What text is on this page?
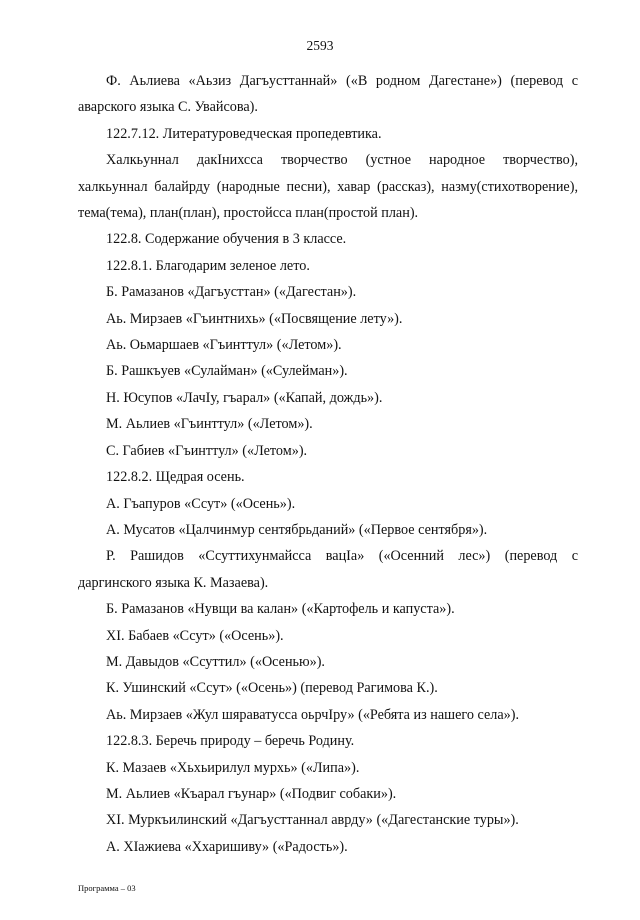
2593

Ф. Аьлиева «Аьзиз Дагъусттаннай» («В родном Дагестане») (перевод с аварского языка С. Увайсова).

122.7.12. Литературоведческая пропедевтика.

Халкьуннал дакIнихсса творчество (устное народное творчество), халкьуннал балайрду (народные песни), хавар (рассказ), назму(стихотворение), тема(тема), план(план), простойсса план(простой план).

122.8. Содержание обучения в 3 классе.

122.8.1. Благодарим зеленое лето.

Б. Рамазанов «Дагъусттан» («Дагестан»).

Аь. Мирзаев «Гъинтнихь» («Посвящение лету»).

Аь. Оьмаршаев «Гъинттул» («Летом»).

Б. Рашкъуев «Сулайман» («Сулейман»).

Н. Юсупов «ЛачIу, гъарал» («Капай, дождь»).

М. Аьлиев «Гъинттул» («Летом»).

С. Габиев «Гъинттул» («Летом»).

122.8.2. Щедрая осень.

А. Гъапуров «Ссут» («Осень»).

А. Мусатов «Цалчинмур сентябрьданий» («Первое сентября»).

Р. Рашидов «Ссуттихунмайсса вацIа» («Осенний лес») (перевод с даргинского языка К. Мазаева).

Б. Рамазанов «Нувщи ва калан» («Картофель и капуста»).

ХI. Бабаев «Ссут» («Осень»).

М. Давыдов «Ссуттил» («Осенью»).

К. Ушинский «Ссут» («Осень») (перевод Рагимова К.).

Аь. Мирзаев «Жул шяраватусса оьрчIру» («Ребята из нашего села»).

122.8.3. Беречь природу – беречь Родину.

К. Мазаев «Хьхьирилул мурхь» («Липа»).

М. Аьлиев «Къарал гъунар» («Подвиг собаки»).

ХI. Муркъилинский «Дагъусттаннал аврду» («Дагестанские туры»).

А. ХIажиева «Ххаришиву» («Радость»).

Программа – 03
